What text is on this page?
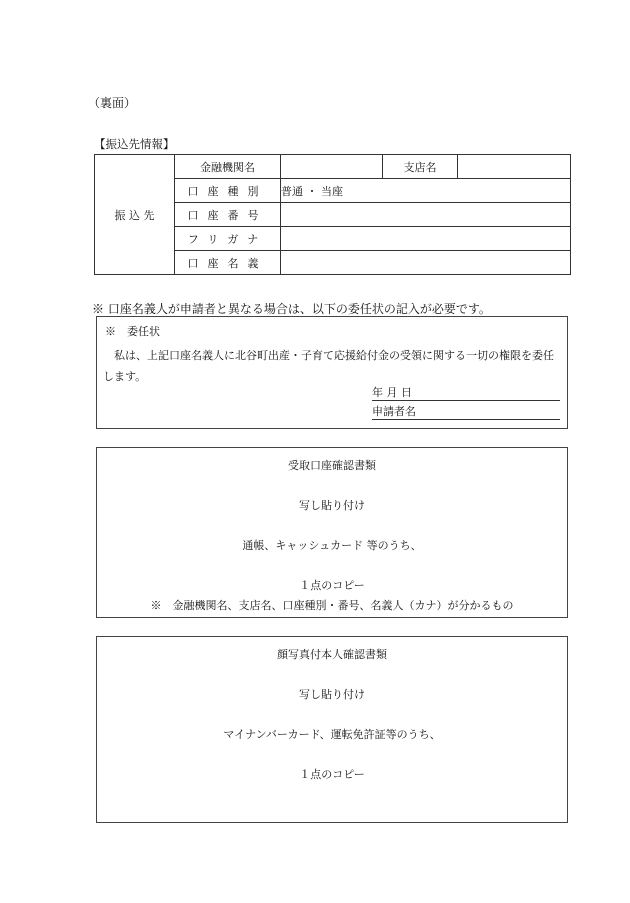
（裏面）
【振込先情報】
振 込 先	金融機関名		支店名	
	口座種別	普通 ・ 当座		
	口座番号			
	フリガナ			
	口座名義			
※ 口座名義人が申請者と異なる場合は、以下の委任状の記入が必要です。
※　委任状
私は、上記口座名義人に北谷町出産・子育て応援給付金の受領に関する一切の権限を委任します。
年 月 日
申請者名
受取口座確認書類
写し貼り付け
通帳、キャッシュカード 等のうち、
１点のコピー
※　金融機関名、支店名、口座種別・番号、名義人（カナ）が分かるもの
顔写真付本人確認書類
写し貼り付け
マイナンバーカード、運転免許証等のうち、
１点のコピー
